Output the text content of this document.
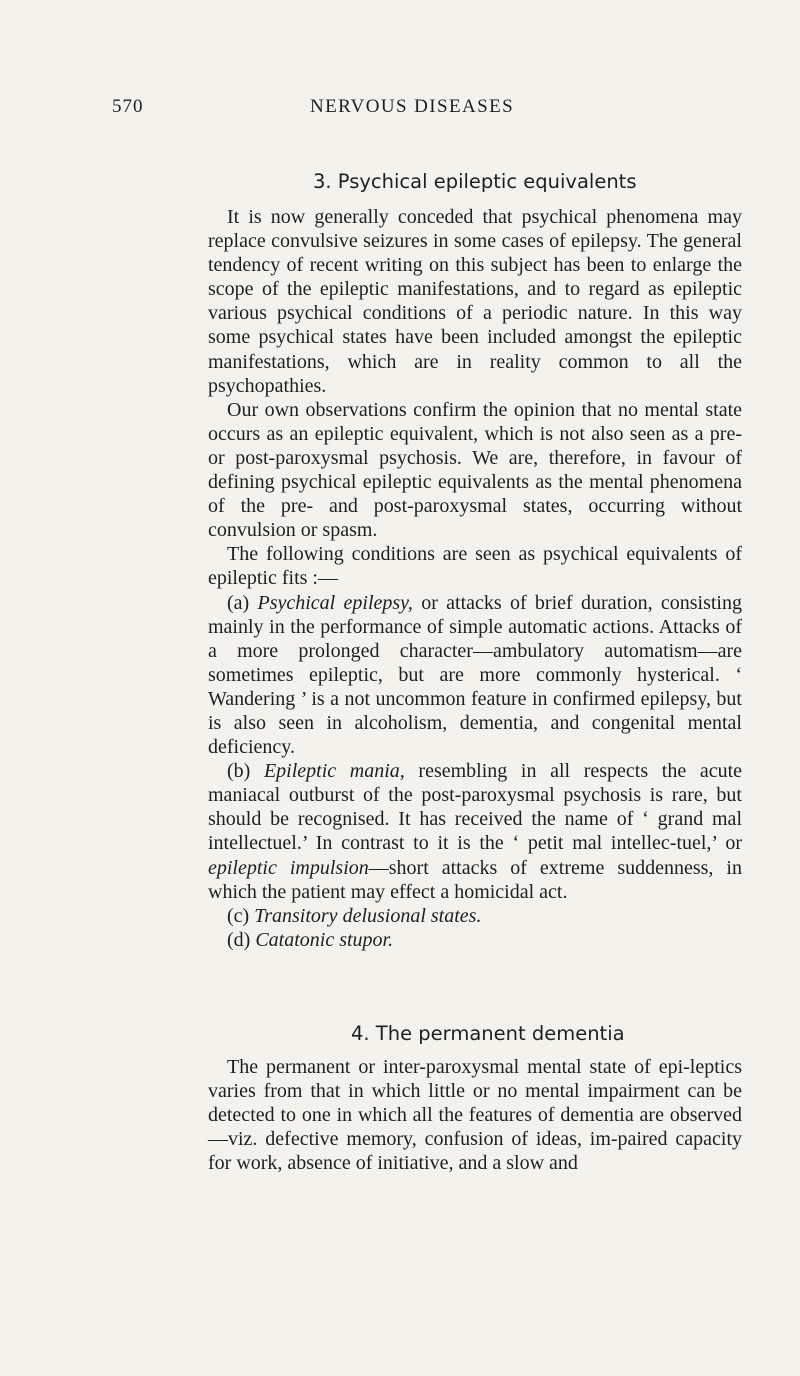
570	NERVOUS DISEASES
3. Psychical epileptic equivalents

It is now generally conceded that psychical phenomena may replace convulsive seizures in some cases of epilepsy. The general tendency of recent writing on this subject has been to enlarge the scope of the epileptic manifestations, and to regard as epileptic various psychical conditions of a periodic nature. In this way some psychical states have been included amongst the epileptic manifestations, which are in reality common to all the psychopathies.

Our own observations confirm the opinion that no mental state occurs as an epileptic equivalent, which is not also seen as a pre- or post-paroxysmal psychosis. We are, therefore, in favour of defining psychical epileptic equivalents as the mental phenomena of the pre- and post-paroxysmal states, occurring without convulsion or spasm.

The following conditions are seen as psychical equivalents of epileptic fits :—

(a) Psychical epilepsy, or attacks of brief duration, consisting mainly in the performance of simple automatic actions. Attacks of a more prolonged character—ambulatory automatism—are sometimes epileptic, but are more commonly hysterical. ‘ Wandering ’ is a not uncommon feature in confirmed epilepsy, but is also seen in alcoholism, dementia, and congenital mental deficiency.

(b) Epileptic mania, resembling in all respects the acute maniacal outburst of the post-paroxysmal psychosis is rare, but should be recognised. It has received the name of ‘ grand mal intellectuel.’ In contrast to it is the ‘ petit mal intellec-tuel,’ or epileptic impulsion—short attacks of extreme suddenness, in which the patient may effect a homicidal act.

(c) Transitory delusional states.

(d) Catatonic stupor.

4. The permanent dementia

The permanent or inter-paroxysmal mental state of epi-leptics varies from that in which little or no mental impairment can be detected to one in which all the features of dementia are observed—viz. defective memory, confusion of ideas, im-paired capacity for work, absence of initiative, and a slow and
